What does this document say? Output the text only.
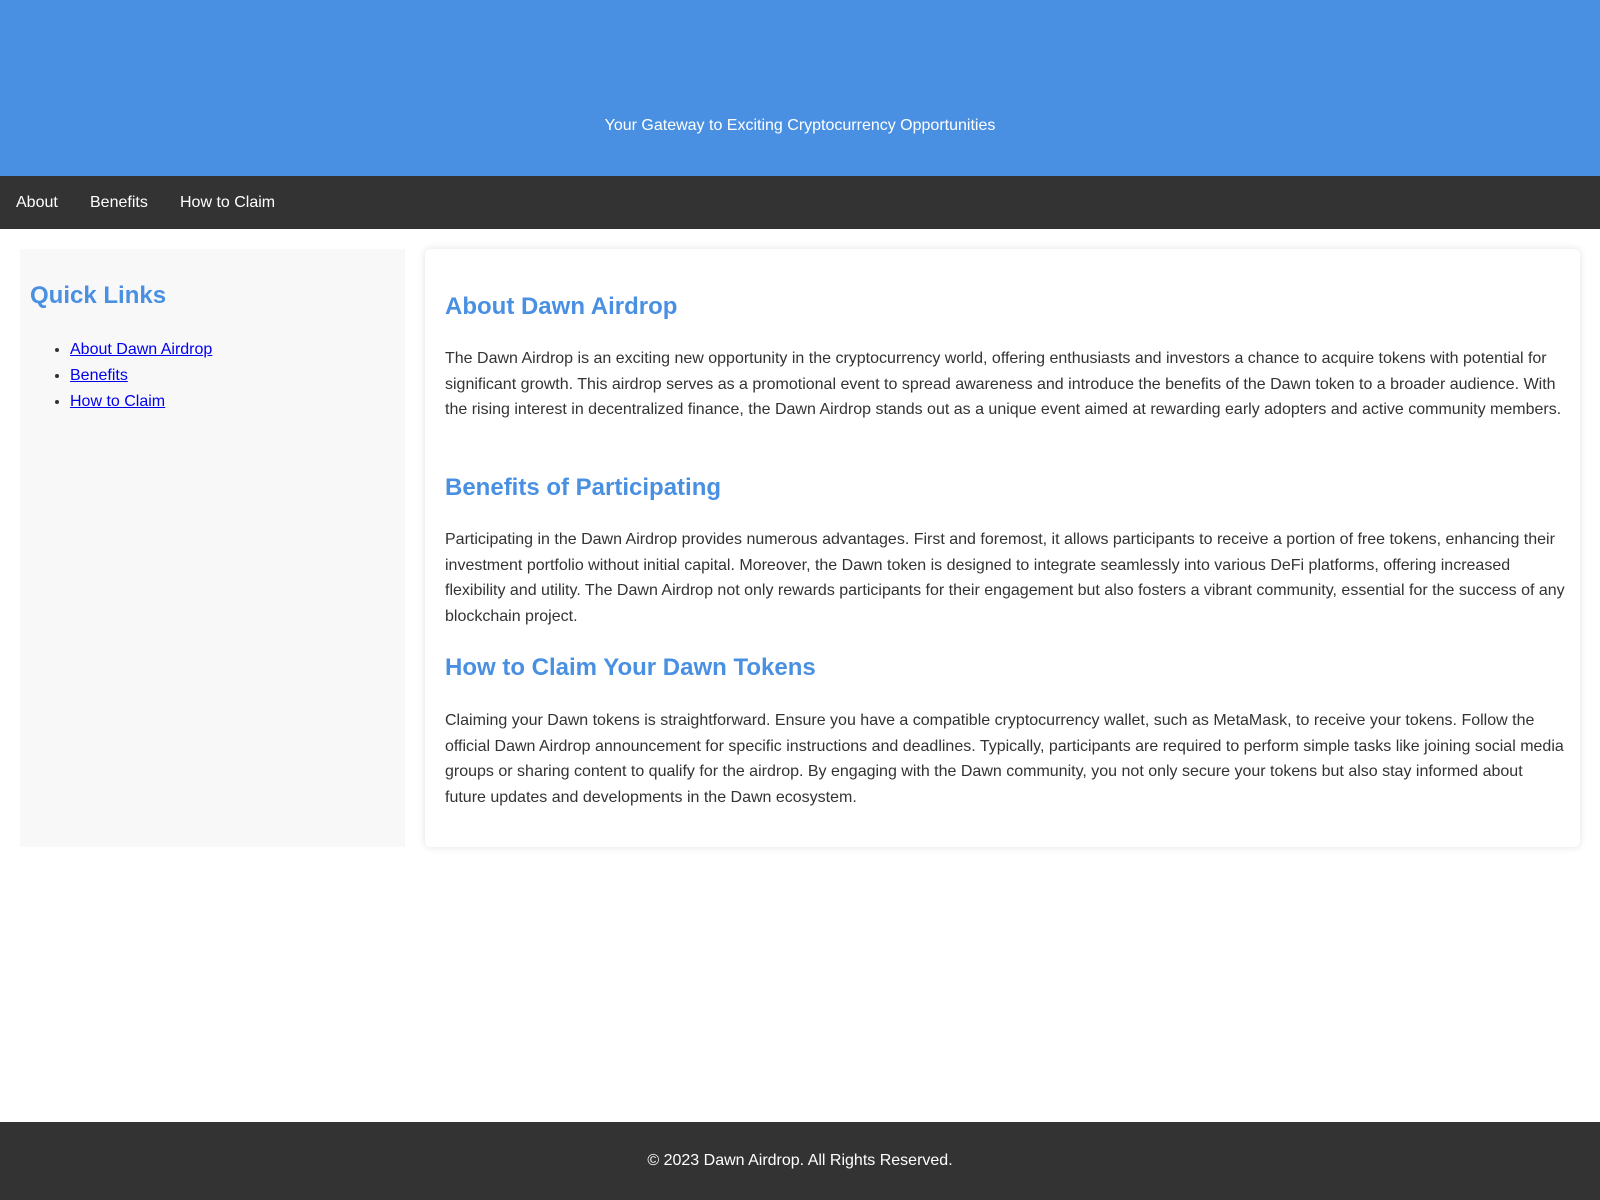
Your Gateway to Exciting Cryptocurrency Opportunities

About Benefits How to Claim
Quick Links
• About Dawn Airdrop
• Benefits
• How to Claim
About Dawn Airdrop

The Dawn Airdrop is an exciting new opportunity in the cryptocurrency world, offering enthusiasts and investors a chance to acquire tokens with potential for significant growth. This airdrop serves as a promotional event to spread awareness and introduce the benefits of the Dawn token to a broader audience. With the rising interest in decentralized finance, the Dawn Airdrop stands out as a unique event aimed at rewarding early adopters and active community members.

Benefits of Participating

Participating in the Dawn Airdrop provides numerous advantages. First and foremost, it allows participants to receive a portion of free tokens, enhancing their investment portfolio without initial capital. Moreover, the Dawn token is designed to integrate seamlessly into various DeFi platforms, offering increased flexibility and utility. The Dawn Airdrop not only rewards participants for their engagement but also fosters a vibrant community, essential for the success of any blockchain project.

How to Claim Your Dawn Tokens

Claiming your Dawn tokens is straightforward. Ensure you have a compatible cryptocurrency wallet, such as MetaMask, to receive your tokens. Follow the official Dawn Airdrop announcement for specific instructions and deadlines. Typically, participants are required to perform simple tasks like joining social media groups or sharing content to qualify for the airdrop. By engaging with the Dawn community, you not only secure your tokens but also stay informed about future updates and developments in the Dawn ecosystem.

© 2023 Dawn Airdrop. All Rights Reserved.
